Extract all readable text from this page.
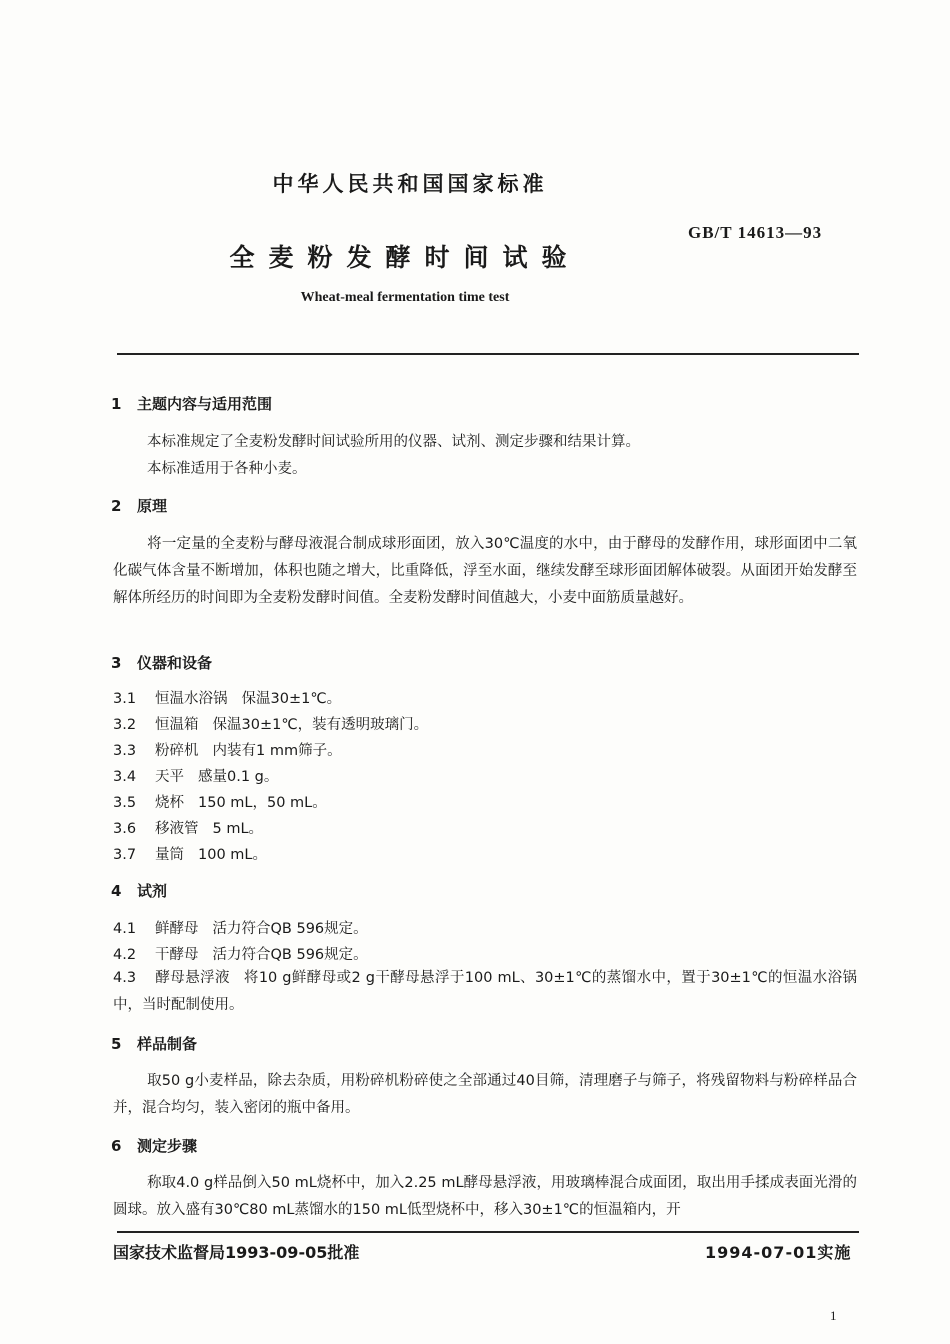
中华人民共和国国家标准
GB/T 14613—93
全麦粉发酵时间试验
Wheat-meal fermentation time test
1 主题内容与适用范围
本标准规定了全麦粉发酵时间试验所用的仪器、试剂、测定步骤和结果计算。
本标准适用于各种小麦。
2 原理
将一定量的全麦粉与酵母液混合制成球形面团，放入30℃温度的水中，由于酵母的发酵作用，球形面团中二氧化碳气体含量不断增加，体积也随之增大，比重降低，浮至水面，继续发酵至球形面团解体破裂。从面团开始发酵至解体所经历的时间即为全麦粉发酵时间值。全麦粉发酵时间值越大，小麦中面筋质量越好。
3 仪器和设备
3.1 恒温水浴锅 保温30±1℃。
3.2 恒温箱 保温30±1℃，装有透明玻璃门。
3.3 粉碎机 内装有1 mm筛子。
3.4 天平 感量0.1 g。
3.5 烧杯 150 mL，50 mL。
3.6 移液管 5 mL。
3.7 量筒 100 mL。
4 试剂
4.1 鲜酵母 活力符合QB 596规定。
4.2 干酵母 活力符合QB 596规定。
4.3 酵母悬浮液 将10 g鲜酵母或2 g干酵母悬浮于100 mL、30±1℃的蒸馏水中，置于30±1℃的恒温水浴锅中，当时配制使用。
5 样品制备
取50 g小麦样品，除去杂质，用粉碎机粉碎使之全部通过40目筛，清理磨子与筛子，将残留物料与粉碎样品合并，混合均匀，装入密闭的瓶中备用。
6 测定步骤
称取4.0 g样品倒入50 mL烧杯中，加入2.25 mL酵母悬浮液，用玻璃棒混合成面团，取出用手揉成表面光滑的圆球。放入盛有30℃80 mL蒸馏水的150 mL低型烧杯中，移入30±1℃的恒温箱内，开
国家技术监督局1993-09-05批准	1994-07-01实施
1
